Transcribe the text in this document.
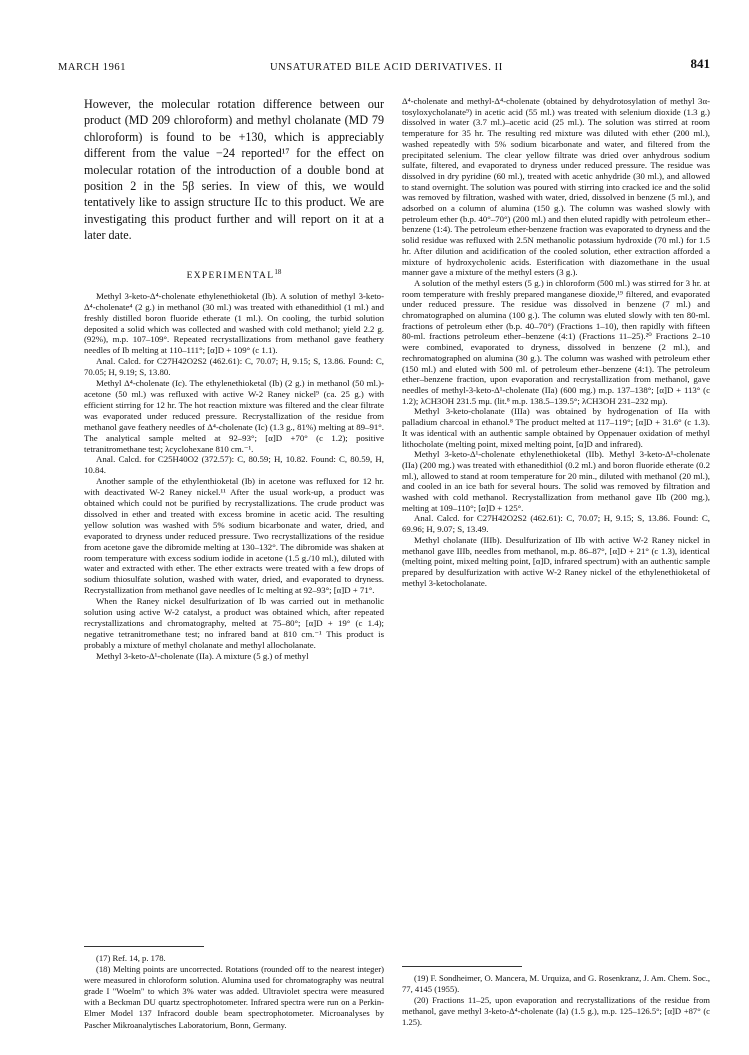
MARCH 1961	UNSATURATED BILE ACID DERIVATIVES. II	841

However, the molecular rotation difference between our product (MD 209 chloroform) and methyl cholanate (MD 79 chloroform) is found to be +130, which is appreciably different from the value −24 reported¹⁷ for the effect on molecular rotation of the introduction of a double bond at position 2 in the 5β series. In view of this, we would tentatively like to assign structure IIc to this product. We are investigating this product further and will report on it at a later date.

EXPERIMENTAL$^{18}$

Methyl 3-keto-Δ⁴-cholenate ethylenethioketal (Ib). A solution of methyl 3-keto-Δ⁴-cholenate⁴ (2 g.) in methanol (30 ml.) was treated with ethanedithiol (1 ml.) and freshly distilled boron fluoride etherate (1 ml.). On cooling, the turbid solution deposited a solid which was collected and washed with cold methanol; yield 2.2 g. (92%), m.p. 107–109°. Repeated recrystallizations from methanol gave feathery needles of Ib melting at 110–111°; [α]D + 109° (c 1.1).

Anal. Calcd. for C27H42O2S2 (462.61): C, 70.07; H, 9.15; S, 13.86. Found: C, 70.05; H, 9.19; S, 13.80.

Methyl Δ⁴-cholenate (Ic). The ethylenethioketal (Ib) (2 g.) in methanol (50 ml.)-acetone (50 ml.) was refluxed with active W-2 Raney nickel⁹ (ca. 25 g.) with efficient stirring for 12 hr. The hot reaction mixture was filtered and the clear filtrate was evaporated under reduced pressure. Recrystallization of the residue from methanol gave feathery needles of Δ⁴-cholenate (Ic) (1.3 g., 81%) melting at 89–91°. The analytical sample melted at 92–93°; [α]D +70° (c 1.2); positive tetranitromethane test; λcyclohexane 810 cm.⁻¹.

Anal. Calcd. for C25H40O2 (372.57): C, 80.59; H, 10.82. Found: C, 80.59, H, 10.84.

Another sample of the ethylenthioketal (Ib) in acetone was refluxed for 12 hr. with deactivated W-2 Raney nickel.¹¹ After the usual work-up, a product was obtained which could not be purified by recrystallizations. The crude product was dissolved in ether and treated with excess bromine in acetic acid. The resulting yellow solution was washed with 5% sodium bicarbonate and water, dried, and evaporated to dryness under reduced pressure. Two recrystallizations of the residue from acetone gave the dibromide melting at 130–132°. The dibromide was shaken at room temperature with excess sodium iodide in acetone (1.5 g./10 ml.), diluted with water and extracted with ether. The ether extracts were treated with a few drops of sodium thiosulfate solution, washed with water, dried, and evaporated to dryness. Recrystallization from methanol gave needles of Ic melting at 92–93°; [α]D + 71°.

When the Raney nickel desulfurization of Ib was carried out in methanolic solution using active W-2 catalyst, a product was obtained which, after repeated recrystallizations and chromatography, melted at 75–80°; [α]D + 19° (c 1.4); negative tetranitromethane test; no infrared band at 810 cm.⁻¹ This product is probably a mixture of methyl cholanate and methyl allocholanate.

Methyl 3-keto-Δ¹-cholenate (IIa). A mixture (5 g.) of methyl

(17) Ref. 14, p. 178.

(18) Melting points are uncorrected. Rotations (rounded off to the nearest integer) were measured in chloroform solution. Alumina used for chromatography was neutral grade I "Woelm" to which 3% water was added. Ultraviolet spectra were measured with a Beckman DU quartz spectrophotometer. Infrared spectra were run on a Perkin-Elmer Model 137 Infracord double beam spectrophotometer. Microanalyses by Pascher Mikroanalytisches Laboratorium, Bonn, Germany.

Δ⁴-cholenate and methyl-Δ⁴-cholenate (obtained by dehydrotosylation of methyl 3α-tosyloxycholanate⁹) in acetic acid (55 ml.) was treated with selenium dioxide (1.3 g.) dissolved in water (3.7 ml.)–acetic acid (25 ml.). The solution was stirred at room temperature for 35 hr. The resulting red mixture was diluted with ether (200 ml.), washed repeatedly with 5% sodium bicarbonate and water, and filtered from the precipitated selenium. The clear yellow filtrate was dried over anhydrous sodium sulfate, filtered, and evaporated to dryness under reduced pressure. The residue was dissolved in dry pyridine (60 ml.), treated with acetic anhydride (30 ml.), and allowed to stand overnight. The solution was poured with stirring into cracked ice and the solid was removed by filtration, washed with water, dried, dissolved in benzene (5 ml.), and adsorbed on a column of alumina (150 g.). The column was washed slowly with petroleum ether (b.p. 40°–70°) (200 ml.) and then eluted rapidly with petroleum ether–benzene (1:4). The petroleum ether-benzene fraction was evaporated to dryness and the solid residue was refluxed with 2.5N methanolic potassium hydroxide (70 ml.) for 1.5 hr. After dilution and acidification of the cooled solution, ether extraction afforded a mixture of hydroxycholenic acids. Esterification with diazomethane in the usual manner gave a mixture of the methyl esters (3 g.).

A solution of the methyl esters (5 g.) in chloroform (500 ml.) was stirred for 3 hr. at room temperature with freshly prepared manganese dioxide,¹⁹ filtered, and evaporated under reduced pressure. The residue was dissolved in benzene (7 ml.) and chromatographed on alumina (100 g.). The column was eluted slowly with ten 80-ml. fractions of petroleum ether (b.p. 40–70°) (Fractions 1–10), then rapidly with fifteen 80-ml. fractions petroleum ether–benzene (4:1) (Fractions 11–25).²⁰ Fractions 2–10 were combined, evaporated to dryness, dissolved in benzene (2 ml.), and rechromatographed on alumina (30 g.). The column was washed with petroleum ether (150 ml.) and eluted with 500 ml. of petroleum ether–benzene (4:1). The petroleum ether–benzene fraction, upon evaporation and recrystallization from methanol, gave needles of methyl-3-keto-Δ¹-cholenate (IIa) (600 mg.) m.p. 137–138°; [α]D + 113° (c 1.2); λCH3OH 231.5 mμ. (lit.⁸ m.p. 138.5–139.5°; λCH3OH 231–232 mμ).

Methyl 3-keto-cholanate (IIIa) was obtained by hydrogenation of IIa with palladium charcoal in ethanol.⁸ The product melted at 117–119°; [α]D + 31.6° (c 1.3). It was identical with an authentic sample obtained by Oppenauer oxidation of methyl lithocholate (melting point, mixed melting point, [α]D and infrared).

Methyl 3-keto-Δ¹-cholenate ethylenethioketal (IIb). Methyl 3-keto-Δ¹-cholenate (IIa) (200 mg.) was treated with ethanedithiol (0.2 ml.) and boron fluoride etherate (0.2 ml.), allowed to stand at room temperature for 20 min., diluted with methanol (20 ml.), and cooled in an ice bath for several hours. The solid was removed by filtration and washed with cold methanol. Recrystallization from methanol gave IIb (200 mg.), melting at 109–110°; [α]D + 125°.

Anal. Calcd. for C27H42O2S2 (462.61): C, 70.07; H, 9.15; S, 13.86. Found: C, 69.96; H, 9.07; S, 13.49.

Methyl cholanate (IIIb). Desulfurization of IIb with active W-2 Raney nickel in methanol gave IIIb, needles from methanol, m.p. 86–87°, [α]D + 21° (c 1.3), identical (melting point, mixed melting point, [α]D, infrared spectrum) with an authentic sample prepared by desulfurization with active W-2 Raney nickel of the ethylenethioketal of methyl 3-ketocholanate.

(19) F. Sondheimer, O. Mancera, M. Urquiza, and G. Rosenkranz, J. Am. Chem. Soc., 77, 4145 (1955).

(20) Fractions 11–25, upon evaporation and recrystallizations of the residue from methanol, gave methyl 3-keto-Δ⁴-cholenate (Ia) (1.5 g.), m.p. 125–126.5°; [α]D +87° (c 1.25).
